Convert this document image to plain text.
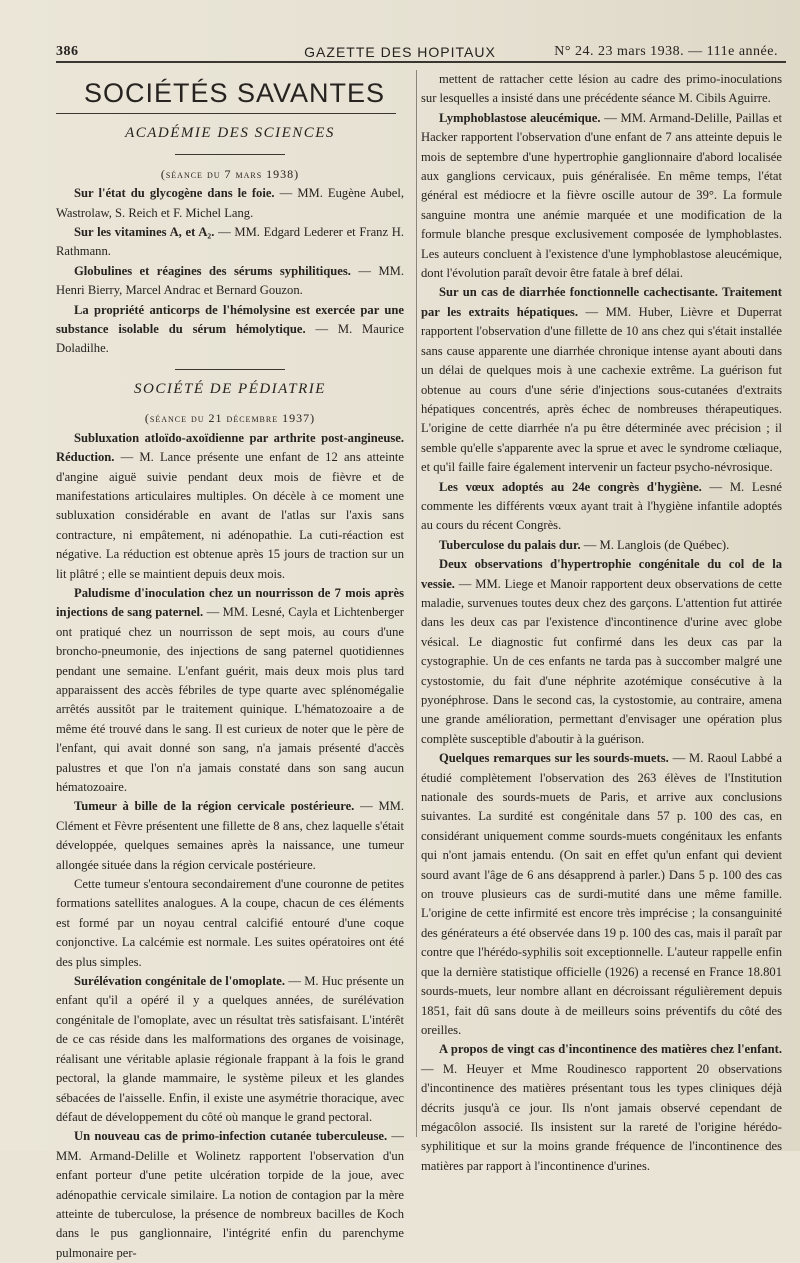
386	GAZETTE DES HOPITAUX	N° 24. 23 mars 1938. — 111e année.
SOCIÉTÉS SAVANTES
ACADÉMIE DES SCIENCES
(séance du 7 mars 1938)

Sur l'état du glycogène dans le foie. — MM. Eugène Aubel, Wastrolaw, S. Reich et F. Michel Lang.

Sur les vitamines A, et A₂. — MM. Edgard Lederer et Franz H. Rathmann.

Globulines et réagines des sérums syphilitiques. — MM. Henri Bierry, Marcel Andrac et Bernard Gouzon.

La propriété anticorps de l'hémolysine est exercée par une substance isolable du sérum hémolytique. — M. Maurice Doladilhe.

SOCIÉTÉ DE PÉDIATRIE
(séance du 21 décembre 1937)

Subluxation atloïdo-axoïdienne par arthrite post-angineuse. Réduction. — M. Lance présente une enfant de 12 ans atteinte d'angine aiguë suivie pendant deux mois de fièvre et de manifestations articulaires multiples. On décèle à ce moment une subluxation considérable en avant de l'atlas sur l'axis sans contracture, ni empâtement, ni adénopathie. La cuti-réaction est négative. La réduction est obtenue après 15 jours de traction sur un lit plâtré ; elle se maintient depuis deux mois.

Paludisme d'inoculation chez un nourrisson de 7 mois après injections de sang paternel. — MM. Lesné, Cayla et Lichtenberger ont pratiqué chez un nourrisson de sept mois, au cours d'une broncho-pneumonie, des injections de sang paternel quotidiennes pendant une semaine. L'enfant guérit, mais deux mois plus tard apparaissent des accès fébriles de type quarte avec splénomégalie arrêtés aussitôt par le traitement quinique. L'hématozoaire a de même été trouvé dans le sang. Il est curieux de noter que le père de l'enfant, qui avait donné son sang, n'a jamais présenté d'accès palustres et que l'on n'a jamais constaté dans son sang aucun hématozoaire.

Tumeur à bille de la région cervicale postérieure. — MM. Clément et Fèvre présentent une fillette de 8 ans, chez laquelle s'était développée, quelques semaines après la naissance, une tumeur allongée située dans la région cervicale postérieure.

Cette tumeur s'entoura secondairement d'une couronne de petites formations satellites analogues. A la coupe, chacun de ces éléments est formé par un noyau central calcifié entouré d'une coque conjonctive. La calcémie est normale. Les suites opératoires ont été des plus simples.

Surélévation congénitale de l'omoplate. — M. Huc présente un enfant qu'il a opéré il y a quelques années, de surélévation congénitale de l'omoplate, avec un résultat très satisfaisant. L'intérêt de ce cas réside dans les malformations des organes de voisinage, réalisant une véritable aplasie régionale frappant à la fois le grand pectoral, la glande mammaire, le système pileux et les glandes sébacées de l'aisselle. Enfin, il existe une asymétrie thoracique, avec défaut de développement du côté où manque le grand pectoral.

Un nouveau cas de primo-infection cutanée tuberculeuse. — MM. Armand-Delille et Wolinetz rapportent l'observation d'un enfant porteur d'une petite ulcération torpide de la joue, avec adénopathie cervicale similaire. La notion de contagion par la mère atteinte de tuberculose, la présence de nombreux bacilles de Koch dans le pus ganglionnaire, l'intégrité enfin du parenchyme pulmonaire per-

mettent de rattacher cette lésion au cadre des primo-inoculations sur lesquelles a insisté dans une précédente séance M. Cibils Aguirre.

Lymphoblastose aleucémique. — MM. Armand-Delille, Paillas et Hacker rapportent l'observation d'une enfant de 7 ans atteinte depuis le mois de septembre d'une hypertrophie ganglionnaire d'abord localisée aux ganglions cervicaux, puis généralisée. En même temps, l'état général est médiocre et la fièvre oscille autour de 39°. La formule sanguine montra une anémie marquée et une modification de la formule blanche presque exclusivement composée de lymphoblastes. Les auteurs concluent à l'existence d'une lymphoblastose aleucémique, dont l'évolution paraît devoir être fatale à bref délai.

Sur un cas de diarrhée fonctionnelle cachectisante. Traitement par les extraits hépatiques. — MM. Huber, Lièvre et Duperrat rapportent l'observation d'une fillette de 10 ans chez qui s'était installée sans cause apparente une diarrhée chronique intense ayant abouti dans un délai de quelques mois à une cachexie extrême. La guérison fut obtenue au cours d'une série d'injections sous-cutanées d'extraits hépatiques concentrés, après échec de nombreuses thérapeutiques. L'origine de cette diarrhée n'a pu être déterminée avec précision ; il semble qu'elle s'apparente avec la sprue et avec le syndrome cœliaque, et qu'il faille faire également intervenir un facteur psycho-névrosique.

Les vœux adoptés au 24e congrès d'hygiène. — M. Lesné commente les différents vœux ayant trait à l'hygiène infantile adoptés au cours du récent Congrès.

Tuberculose du palais dur. — M. Langlois (de Québec).

Deux observations d'hypertrophie congénitale du col de la vessie. — MM. Liege et Manoir rapportent deux observations de cette maladie, survenues toutes deux chez des garçons. L'attention fut attirée dans les deux cas par l'existence d'incontinence d'urine avec globe vésical. Le diagnostic fut confirmé dans les deux cas par la cystographie. Un de ces enfants ne tarda pas à succomber malgré une cystostomie, du fait d'une néphrite azotémique consécutive à la pyonéphrose. Dans le second cas, la cystostomie, au contraire, amena une grande amélioration, permettant d'envisager une opération plus complète susceptible d'aboutir à la guérison.

Quelques remarques sur les sourds-muets. — M. Raoul Labbé a étudié complètement l'observation des 263 élèves de l'Institution nationale des sourds-muets de Paris, et arrive aux conclusions suivantes. La surdité est congénitale dans 57 p. 100 des cas, en considérant uniquement comme sourds-muets congénitaux les enfants qui n'ont jamais entendu. (On sait en effet qu'un enfant qui devient sourd avant l'âge de 6 ans désapprend à parler.) Dans 5 p. 100 des cas on trouve plusieurs cas de surdi-mutité dans une même famille. L'origine de cette infirmité est encore très imprécise ; la consanguinité des générateurs a été observée dans 19 p. 100 des cas, mais il paraît par contre que l'hérédo-syphilis soit exceptionnelle. L'auteur rappelle enfin que la dernière statistique officielle (1926) a recensé en France 18.801 sourds-muets, leur nombre allant en décroissant régulièrement depuis 1851, fait dû sans doute à de meilleurs soins préventifs du côté des oreilles.

A propos de vingt cas d'incontinence des matières chez l'enfant. — M. Heuyer et Mme Roudinesco rapportent 20 observations d'incontinence des matières présentant tous les types cliniques déjà décrits jusqu'à ce jour. Ils n'ont jamais observé cependant de mégacôlon associé. Ils insistent sur la rareté de l'origine hérédo-syphilitique et sur la moins grande fréquence de l'incontinence des matières par rapport à l'incontinence d'urines.
